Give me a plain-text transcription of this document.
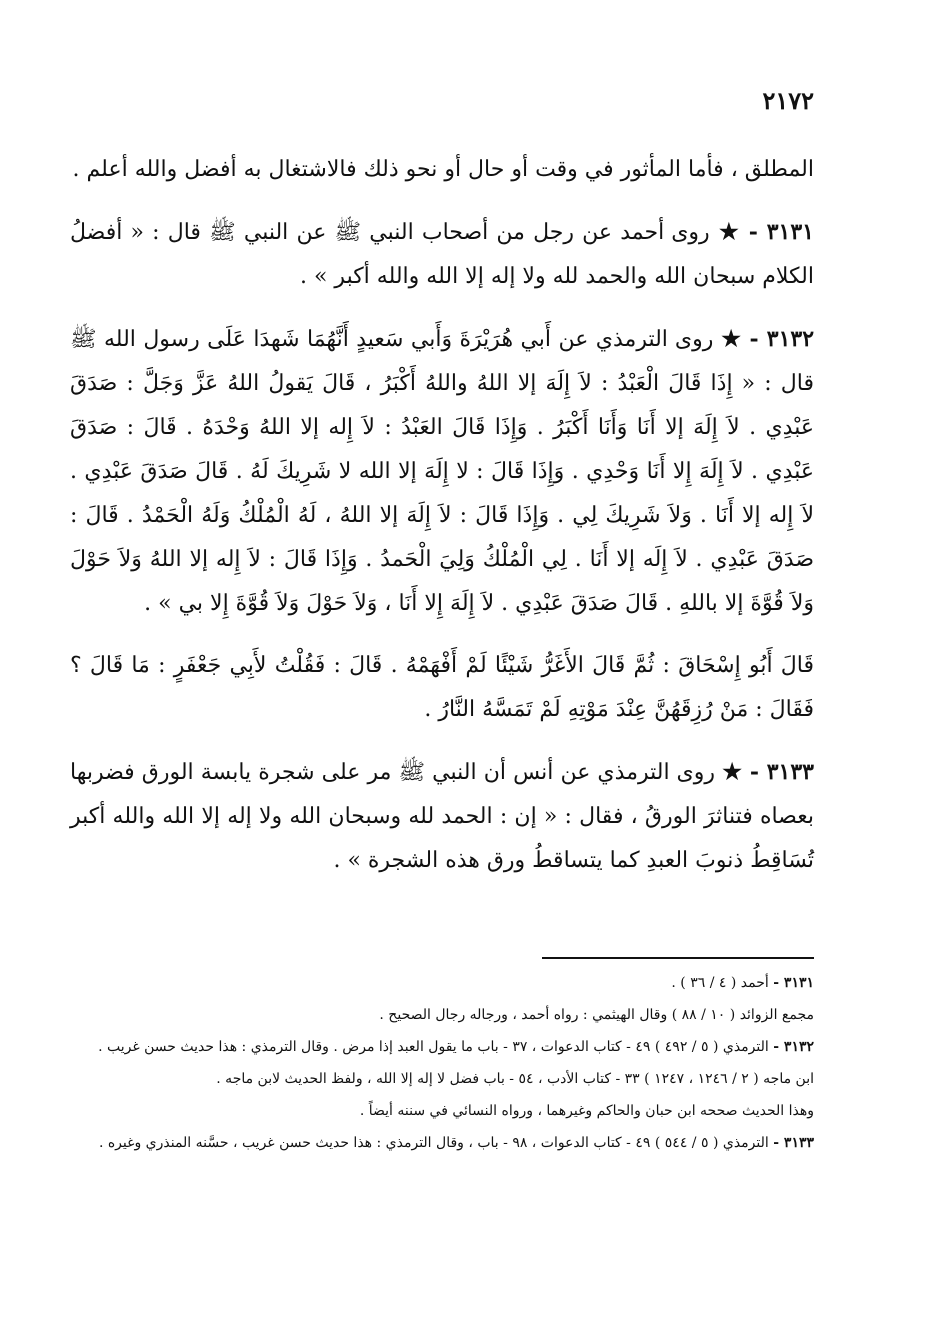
٢١٧٢

المطلق ، فأما المأثور في وقت أو حال أو نحو ذلك فالاشتغال به أفضل والله أعلم .

٣١٣١ - ★ روى أحمد عن رجل من أصحاب النبي ﷺ عن النبي ﷺ قال : « أفضلُ الكلام سبحان الله والحمد لله ولا إله إلا الله والله أكبر » .

٣١٣٢ - ★ روى الترمذي عن أَبي هُرَيْرَةَ وَأَبي سَعيدٍ أَنَّهُمَا شَهدَا عَلَى رسول الله ﷺ قال : « إِذَا قَالَ الْعَبْدُ : لاَ إِلَهَ إلا اللهُ واللهُ أَكْبَرُ ، قَالَ يَقولُ اللهُ عَزَّ وَجَلَّ : صَدَقَ عَبْدِي . لاَ إِلَهَ إلا أَنَا وَأَنَا أَكْبَرُ . وَإِذَا قَالَ العَبْدُ : لاَ إِله إلا اللهُ وَحْدَهُ . قَالَ : صَدَقَ عَبْدِي . لاَ إِلَهَ إِلا أَنَا وَحْدِي . وَإِذَا قَالَ : لا إِلَهَ إلا الله لا شَرِيكَ لَهُ . قَالَ صَدَقَ عَبْدِي . لاَ إِله إلا أَنَا . وَلاَ شَرِيكَ لِي . وَإِذَا قَالَ : لاَ إِلَهَ إلا اللهُ ، لَهُ الْمُلْكُ وَلَهُ الْحَمْدُ . قَالَ : صَدَقَ عَبْدِي . لاَ إِلَه إلا أَنَا . لِي الْمُلْكُ وَلِيَ الْحَمدُ . وَإِذَا قَالَ : لاَ إِله إلا اللهُ وَلاَ حَوْلَ وَلاَ قُوَّةَ إلا باللهِ . قَالَ صَدَقَ عَبْدِي . لاَ إِلَهَ إِلا أَنَا ، وَلاَ حَوْلَ وَلاَ قُوَّةَ إِلا بي » .

قَالَ أَبُو إِسْحَاقَ : ثُمَّ قَالَ الأَغَرُّ شَيْئًا لَمْ أَفْهَمْهُ . قَالَ : فَقُلْتُ لأَبِي جَعْفَرٍ : مَا قَالَ ؟ فَقَالَ : مَنْ رُزِقَهُنَّ عِنْدَ مَوْتِهِ لَمْ تَمَسَّهُ النَّارُ .

٣١٣٣ - ★ روى الترمذي عن أنس أن النبي ﷺ مر على شجرة يابسة الورق فضربها بعصاه فتناثرَ الورقُ ، فقال : « إن : الحمد لله وسبحان الله ولا إله إلا الله والله أكبر تُسَاقِطُ ذنوبَ العبدِ كما يتساقطُ ورق هذه الشجرة » .

٣١٣١ - أحمد ( ٤ / ٣٦ ) .

مجمع الزوائد ( ١٠ / ٨٨ ) وقال الهيثمي : رواه أحمد ، ورجاله رجال الصحيح .

٣١٣٢ - الترمذي ( ٥ / ٤٩٢ ) ٤٩ - كتاب الدعوات ، ٣٧ - باب ما يقول العبد إذا مرض . وقال الترمذي : هذا حديث حسن غريب .

ابن ماجه ( ٢ / ١٢٤٦ ، ١٢٤٧ ) ٣٣ - كتاب الأدب ، ٥٤ - باب فضل لا إله إلا الله ، ولفظ الحديث لابن ماجه .

وهذا الحديث صححه ابن حبان والحاكم وغيرهما ، ورواه النسائي في سننه أيضاً .

٣١٣٣ - الترمذي ( ٥ / ٥٤٤ ) ٤٩ - كتاب الدعوات ، ٩٨ - باب ، وقال الترمذي : هذا حديث حسن غريب ، حسَّنه المنذري وغيره .
